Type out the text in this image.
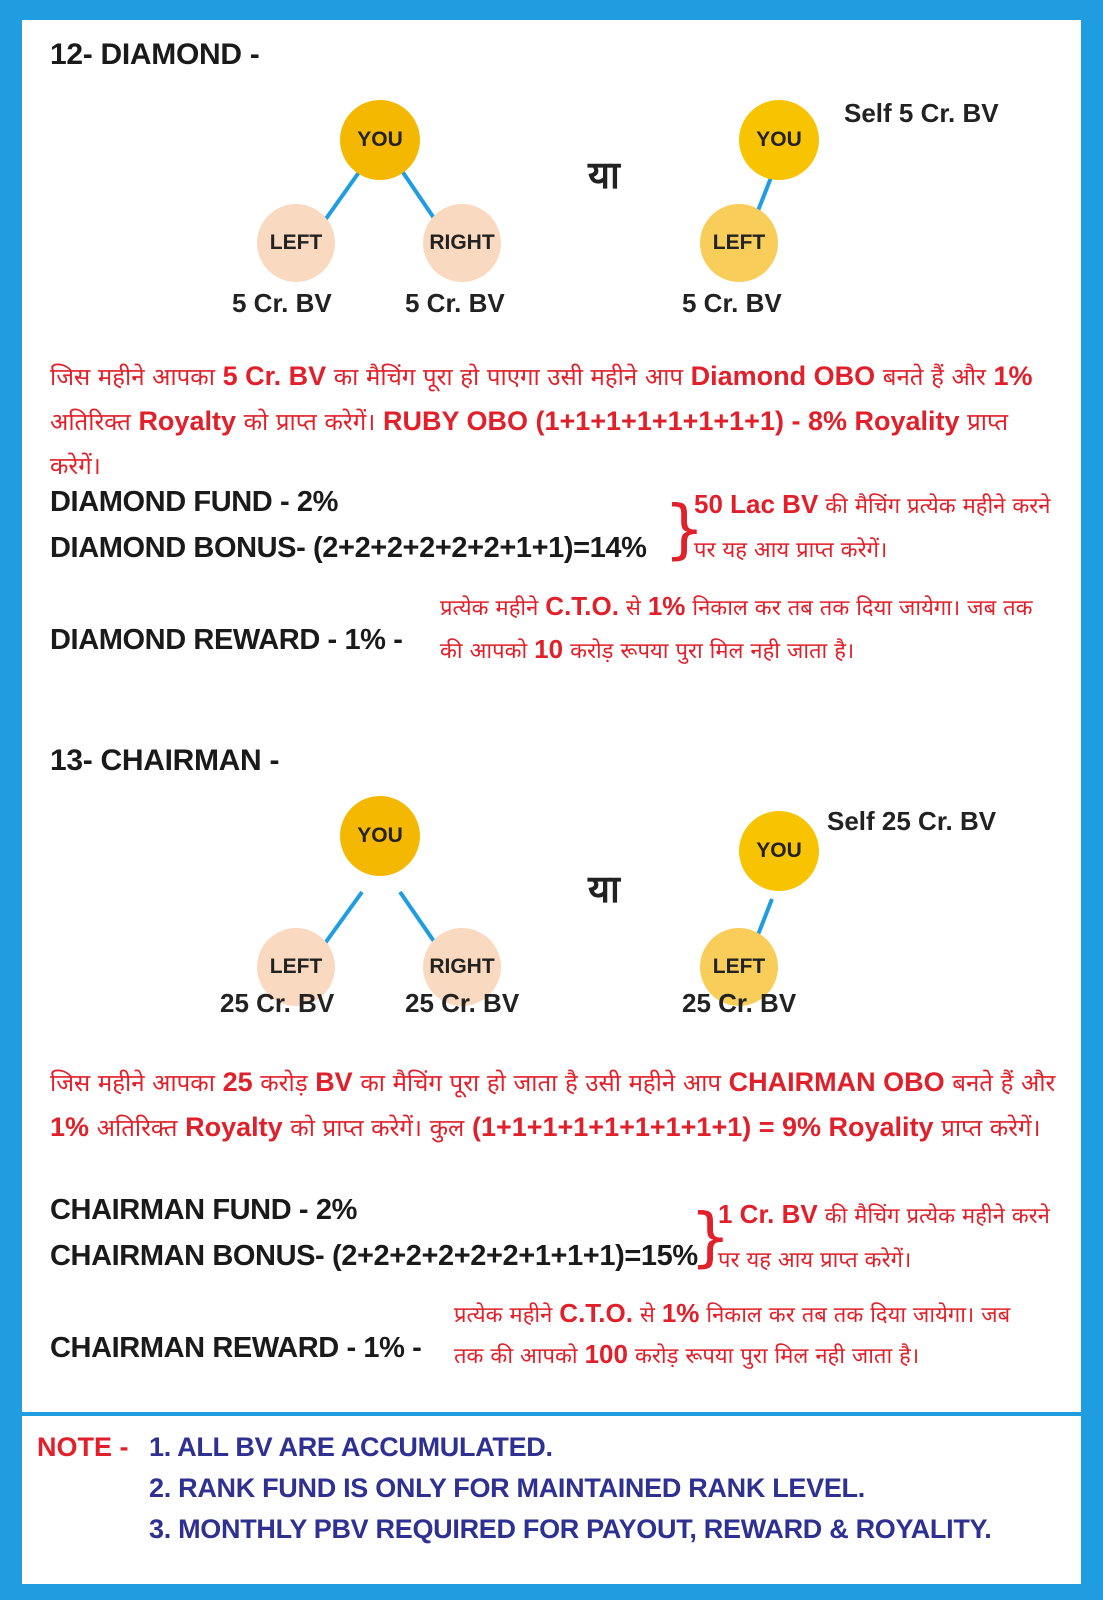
12- DIAMOND -
YOU
LEFT	RIGHT
5 Cr. BV	5 Cr. BV
या
YOU
LEFT
5 Cr. BV
Self 5 Cr. BV
जिस महीने आपका 5 Cr. BV का मैचिंग पूरा हो पाएगा उसी महीने आप Diamond OBO बनते हैं और 1% अतिरिक्त Royalty को प्राप्त करेगें। RUBY OBO (1+1+1+1+1+1+1+1) - 8% Royality प्राप्त करेगें।
DIAMOND FUND - 2%
DIAMOND BONUS- (2+2+2+2+2+2+1+1)=14% }
50 Lac BV की मैचिंग प्रत्येक महीने करने पर यह आय प्राप्त करेगें।
DIAMOND REWARD - 1% -
प्रत्येक महीने C.T.O. से 1% निकाल कर तब तक दिया जायेगा। जब तक की आपको 10 करोड़ रूपया पुरा मिल नही जाता है।
13- CHAIRMAN -
YOU
LEFT	RIGHT
25 Cr. BV	25 Cr. BV
या
YOU
LEFT
25 Cr. BV
Self 25 Cr. BV
जिस महीने आपका 25 करोड़ BV का मैचिंग पूरा हो जाता है उसी महीने आप CHAIRMAN OBO बनते हैं और 1% अतिरिक्त Royalty को प्राप्त करेगें। कुल (1+1+1+1+1+1+1+1+1) = 9% Royality प्राप्त करेगें।
CHAIRMAN FUND - 2%
CHAIRMAN BONUS- (2+2+2+2+2+2+1+1+1)=15%
}
1 Cr. BV की मैचिंग प्रत्येक महीने करने पर यह आय प्राप्त करेगें।
CHAIRMAN REWARD - 1% -
प्रत्येक महीने C.T.O. से 1% निकाल कर तब तक दिया जायेगा। जब तक की आपको 100 करोड़ रूपया पुरा मिल नही जाता है।
NOTE - 1. ALL BV ARE ACCUMULATED.
2. RANK FUND IS ONLY FOR MAINTAINED RANK LEVEL.
3. MONTHLY PBV REQUIRED FOR PAYOUT, REWARD & ROYALITY.
